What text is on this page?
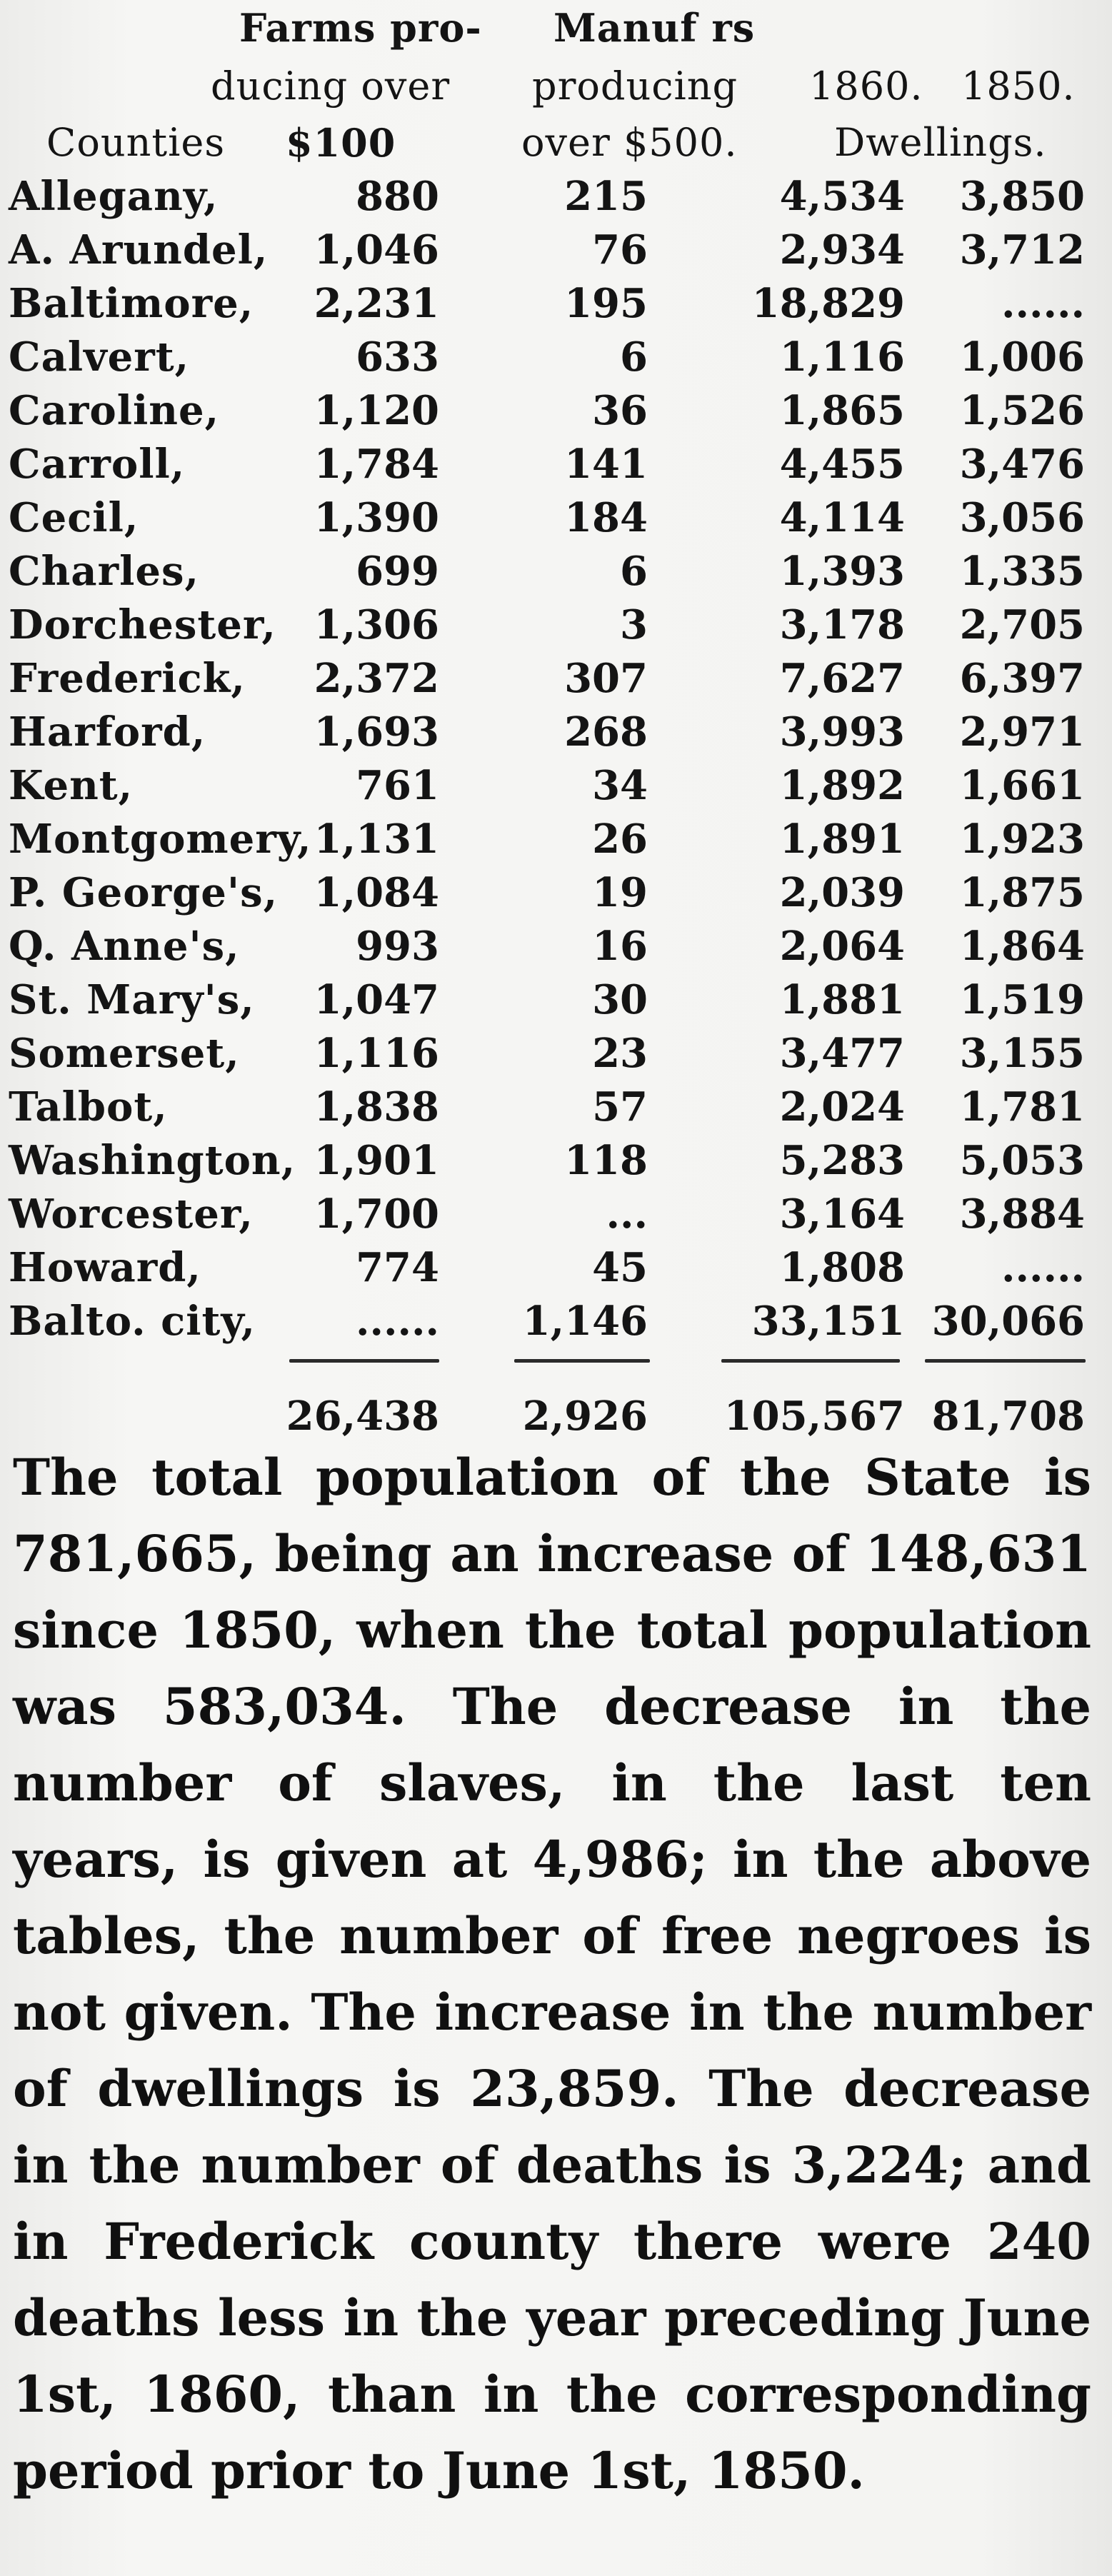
Farms pro- Manuf rs
ducing over producing 1860. 1850.
Counties $100	over $500.	Dwellings.
Allegany,	880	215	4,534 3,850
A. Arundel, 1,046	76	2,934 3,712
Baltimore, 2,231	195	18,829 ......
Calvert,	633	6	1,116 1,006
Caroline, 1,120	36	1,865 1,526
Carroll,	1,784	141	4,455 3,476
Cecil,	1,390	184	4,114 3,056
Charles,	699	6	1,393 1,335
Dorchester, 1,306	3	3,178 2,705
Frederick, 2,372	307	7,627 6,397
Harford,	1,693	268	3,993 2,971
Kent,	761	34	1,892 1,661
Montgomery, 1,131	26	1,891 1,923
P. George's, 1,084	19	2,039 1,875
Q. Anne's,	993	16	2,064 1,864
St. Mary's, 1,047	30	1,881 1,519
Somerset, 1,116	23	3,477 3,155
Talbot,	1,838	57	2,024 1,781
Washington, 1,901	118	5,283 5,053
Worcester, 1,700	...	3,164 3,884
Howard,	774	45	1,808 ......
Balto. city, ...... 1,146	33,151 30,066
26,438 2,926 105,567 81,708
The total population of the State is 781,665, being an increase of 148,631 since 1850, when the total population was 583,034. The decrease in the number of slaves, in the last ten years, is given at 4,986; in the above tables, the number of free negroes is not given. The increase in the number of dwellings is 23,859. The decrease in the number of deaths is 3,224; and in Frederick county there were 240 deaths less in the year preceding June 1st, 1860, than in the corresponding period prior to June 1st, 1850.
